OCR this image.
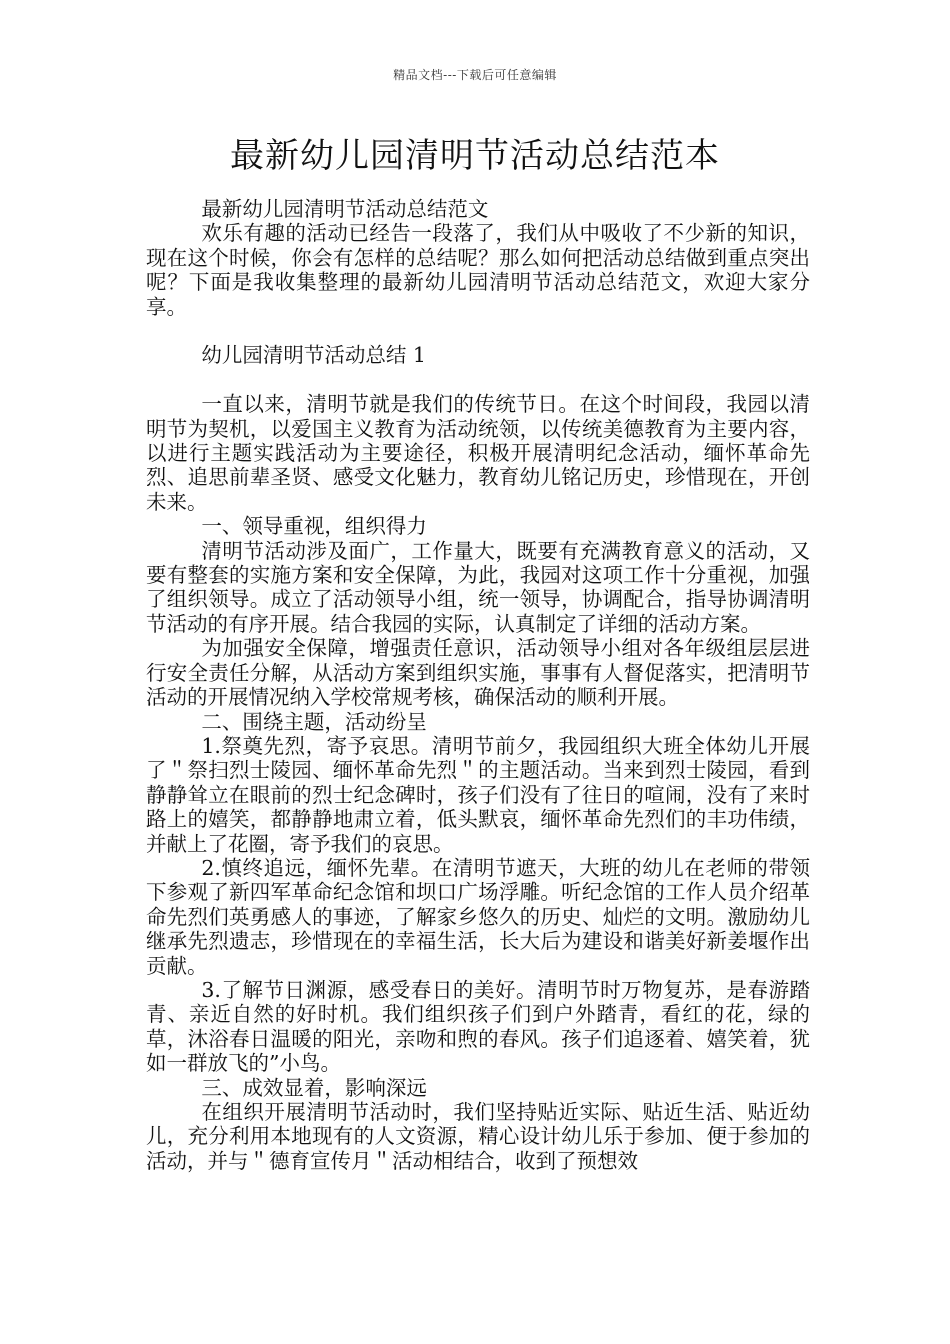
精品文档---下载后可任意编辑
最新幼儿园清明节活动总结范本

最新幼儿园清明节活动总结范文

欢乐有趣的活动已经告一段落了，我们从中吸收了不少新的知识，现在这个时候，你会有怎样的总结呢？那么如何把活动总结做到重点突出呢？下面是我收集整理的最新幼儿园清明节活动总结范文，欢迎大家分享。

幼儿园清明节活动总结 1

一直以来，清明节就是我们的传统节日。在这个时间段，我园以清明节为契机，以爱国主义教育为活动统领，以传统美德教育为主要内容，以进行主题实践活动为主要途径，积极开展清明纪念活动，缅怀革命先烈、追思前辈圣贤、感受文化魅力，教育幼儿铭记历史，珍惜现在，开创未来。

一、领导重视，组织得力

清明节活动涉及面广，工作量大，既要有充满教育意义的活动，又要有整套的实施方案和安全保障，为此，我园对这项工作十分重视，加强了组织领导。成立了活动领导小组，统一领导，协调配合，指导协调清明节活动的有序开展。结合我园的实际，认真制定了详细的活动方案。

为加强安全保障，增强责任意识，活动领导小组对各年级组层层进行安全责任分解，从活动方案到组织实施，事事有人督促落实，把清明节活动的开展情况纳入学校常规考核，确保活动的顺利开展。

二、围绕主题，活动纷呈

1.祭奠先烈，寄予哀思。清明节前夕，我园组织大班全体幼儿开展了＂祭扫烈士陵园、缅怀革命先烈＂的主题活动。当来到烈士陵园，看到静静耸立在眼前的烈士纪念碑时，孩子们没有了往日的喧闹，没有了来时路上的嬉笑，都静静地肃立着，低头默哀，缅怀革命先烈们的丰功伟绩，并献上了花圈，寄予我们的哀思。

2.慎终追远，缅怀先辈。在清明节遮天，大班的幼儿在老师的带领下参观了新四军革命纪念馆和坝口广场浮雕。听纪念馆的工作人员介绍革命先烈们英勇感人的事迹，了解家乡悠久的历史、灿烂的文明。激励幼儿继承先烈遗志，珍惜现在的幸福生活，长大后为建设和谐美好新姜堰作出贡献。

3.了解节日渊源，感受春日的美好。清明节时万物复苏，是春游踏青、亲近自然的好时机。我们组织孩子们到户外踏青，看红的花，绿的草，沐浴春日温暖的阳光，亲吻和煦的春风。孩子们追逐着、嬉笑着，犹如一群放飞的”小鸟。

三、成效显着，影响深远

在组织开展清明节活动时，我们坚持贴近实际、贴近生活、贴近幼儿，充分利用本地现有的人文资源，精心设计幼儿乐于参加、便于参加的活动，并与＂德育宣传月＂活动相结合，收到了预想效
